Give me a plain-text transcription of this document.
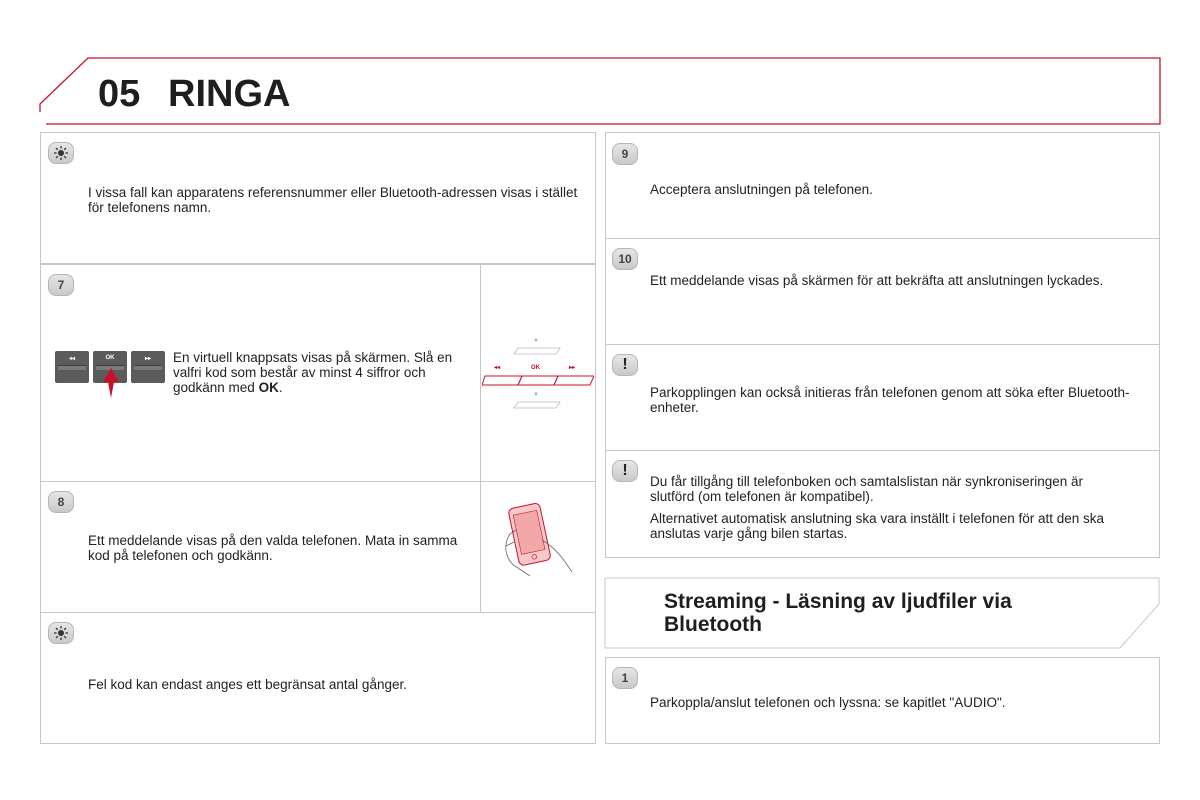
05 RINGA
I vissa fall kan apparatens referensnummer eller Bluetooth-adressen visas i stället för telefonens namn.
7
◂◂	OK	▸▸	En virtuell knappsats visas på skärmen. Slå en valfri kod som består av minst 4 siffror och godkänn med OK.
▲
◂◂	OK	▸▸
▼
8
Ett meddelande visas på den valda telefonen. Mata in samma kod på telefonen och godkänn.
Fel kod kan endast anges ett begränsat antal gånger.
9
Acceptera anslutningen på telefonen.
10
Ett meddelande visas på skärmen för att bekräfta att anslutningen lyckades.
!
Parkopplingen kan också initieras från telefonen genom att söka efter Bluetooth-enheter.
!
Du får tillgång till telefonboken och samtalslistan när synkroniseringen är slutförd (om telefonen är kompatibel).
Alternativet automatisk anslutning ska vara inställt i telefonen för att den ska anslutas varje gång bilen startas.
Streaming - Läsning av ljudfiler via Bluetooth
1
Parkoppla/anslut telefonen och lyssna: se kapitlet "AUDIO".
